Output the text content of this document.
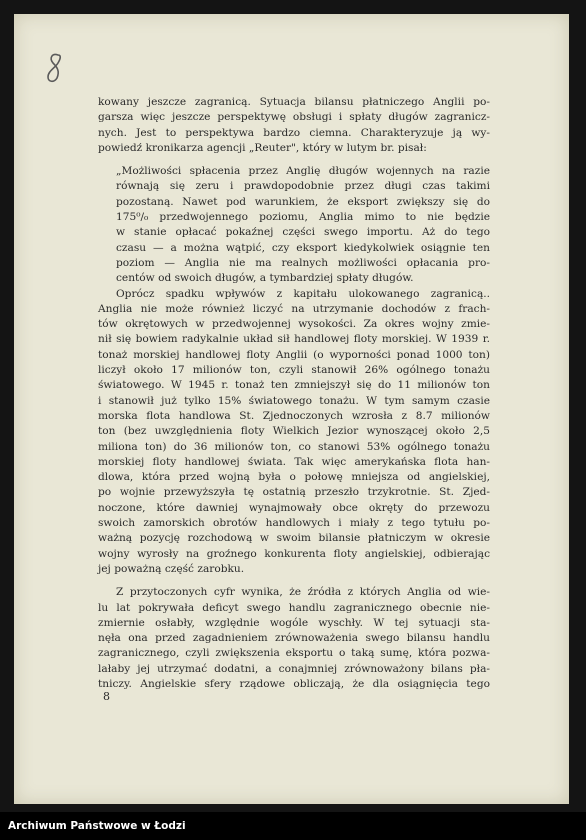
kowany jeszcze zagranicą. Sytuacja bilansu płatniczego Anglii po-
garsza więc jeszcze perspektywę obsługi i spłaty długów zagranicz-
nych. Jest to perspektywa bardzo ciemna. Charakteryzuje ją wy-
powiedź kronikarza agencji „Reuter", który w lutym br. pisał:
„Możliwości spłacenia przez Anglię długów wojennych na razie
równają się zeru i prawdopodobnie przez długi czas takimi
pozostaną. Nawet pod warunkiem, że eksport zwiększy się do
175⁰/₀ przedwojennego poziomu, Anglia mimo to nie będzie
w stanie opłacać pokaźnej części swego importu. Aż do tego
czasu — a można wątpić, czy eksport kiedykolwiek osiągnie ten
poziom — Anglia nie ma realnych możliwości opłacania pro-
centów od swoich długów, a tymbardziej spłaty długów.
Oprócz spadku wpływów z kapitału ulokowanego zagranicą..
Anglia nie może również liczyć na utrzymanie dochodów z frach-
tów okrętowych w przedwojennej wysokości. Za okres wojny zmie-
nił się bowiem radykalnie układ sił handlowej floty morskiej. W 1939 r.
tonaż morskiej handlowej floty Anglii (o wyporności ponad 1000 ton)
liczył około 17 milionów ton, czyli stanowił 26% ogólnego tonażu
światowego. W 1945 r. tonaż ten zmniejszył się do 11 milionów ton
i stanowił już tylko 15% światowego tonażu. W tym samym czasie
morska flota handlowa St. Zjednoczonych wzrosła z 8.7 milionów
ton (bez uwzględnienia floty Wielkich Jezior wynoszącej około 2,5
miliona ton) do 36 milionów ton, co stanowi 53% ogólnego tonażu
morskiej floty handlowej świata. Tak więc amerykańska flota han-
dlowa, która przed wojną była o połowę mniejsza od angielskiej,
po wojnie przewyższyła tę ostatnią przeszło trzykrotnie. St. Zjed-
noczone, które dawniej wynajmowały obce okręty do przewozu
swoich zamorskich obrotów handlowych i miały z tego tytułu po-
ważną pozycję rozchodową w swoim bilansie płatniczym w okresie
wojny wyrosły na groźnego konkurenta floty angielskiej, odbierając
jej poważną część zarobku.
Z przytoczonych cyfr wynika, że źródła z których Anglia od wie-
lu lat pokrywała deficyt swego handlu zagranicznego obecnie nie-
zmiernie osłabły, względnie wogóle wyschły. W tej sytuacji sta-
nęła ona przed zagadnieniem zrównoważenia swego bilansu handlu
zagranicznego, czyli zwiększenia eksportu o taką sumę, która pozwa-
lałaby jej utrzymać dodatni, a conajmniej zrównoważony bilans pła-
tniczy. Angielskie sfery rządowe obliczają, że dla osiągnięcia tego
8
Archiwum Państwowe w Łodzi
